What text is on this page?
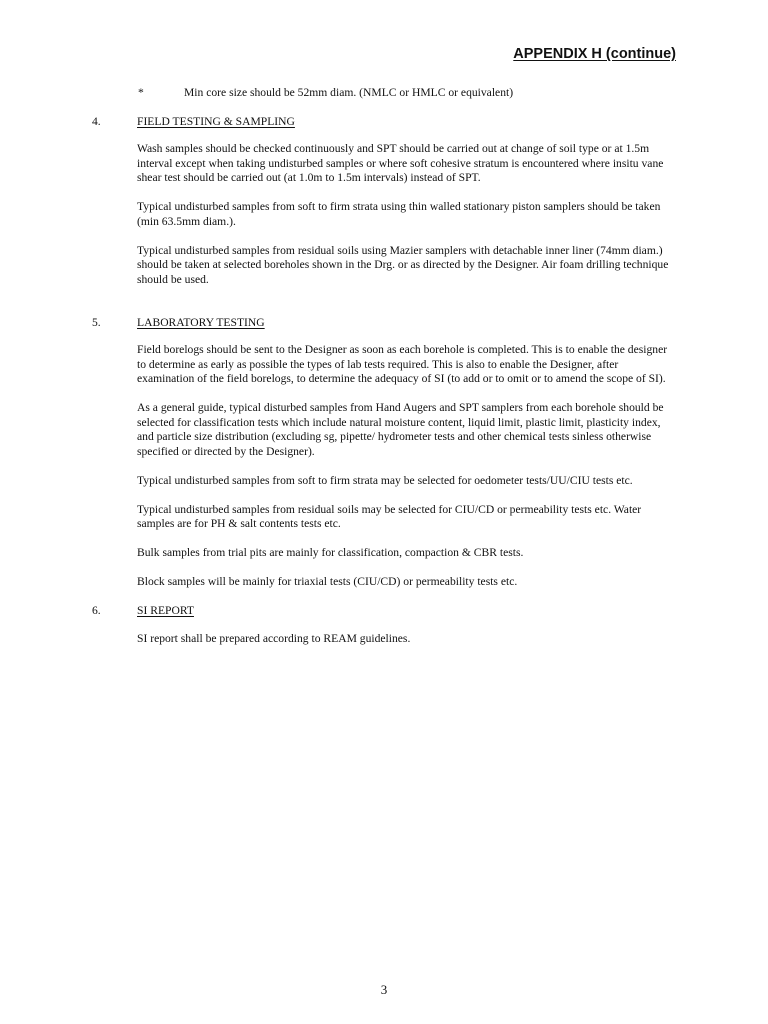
APPENDIX H (continue)
*	Min core size should be 52mm diam. (NMLC or HMLC or equivalent)
4.	FIELD TESTING & SAMPLING

Wash samples should be checked continuously and SPT should be carried out at change of soil type or at 1.5m interval except when taking undisturbed samples or where soft cohesive stratum is encountered where insitu vane shear test should be carried out (at 1.0m to 1.5m intervals) instead of SPT.

Typical undisturbed samples from soft to firm strata using thin walled stationary piston samplers should be taken (min 63.5mm diam.).

Typical undisturbed samples from residual soils using Mazier samplers with detachable inner liner (74mm diam.) should be taken at selected boreholes shown in the Drg. or as directed by the Designer. Air foam drilling technique should be used.

5.	LABORATORY TESTING

Field borelogs should be sent to the Designer as soon as each borehole is completed. This is to enable the designer to determine as early as possible the types of lab tests required. This is also to enable the Designer, after examination of the field borelogs, to determine the adequacy of SI (to add or to omit or to amend the scope of SI).

As a general guide, typical disturbed samples from Hand Augers and SPT samplers from each borehole should be selected for classification tests which include natural moisture content, liquid limit, plastic limit, plasticity index, and particle size distribution (excluding sg, pipette/ hydrometer tests and other chemical tests sinless otherwise specified or directed by the Designer).

Typical undisturbed samples from soft to firm strata may be selected for oedometer tests/UU/CIU tests etc.

Typical undisturbed samples from residual soils may be selected for CIU/CD or permeability tests etc. Water samples are for PH & salt contents tests etc.

Bulk samples from trial pits are mainly for classification, compaction & CBR tests.

Block samples will be mainly for triaxial tests (CIU/CD) or permeability tests etc.

6.	SI REPORT

SI report shall be prepared according to REAM guidelines.

3
